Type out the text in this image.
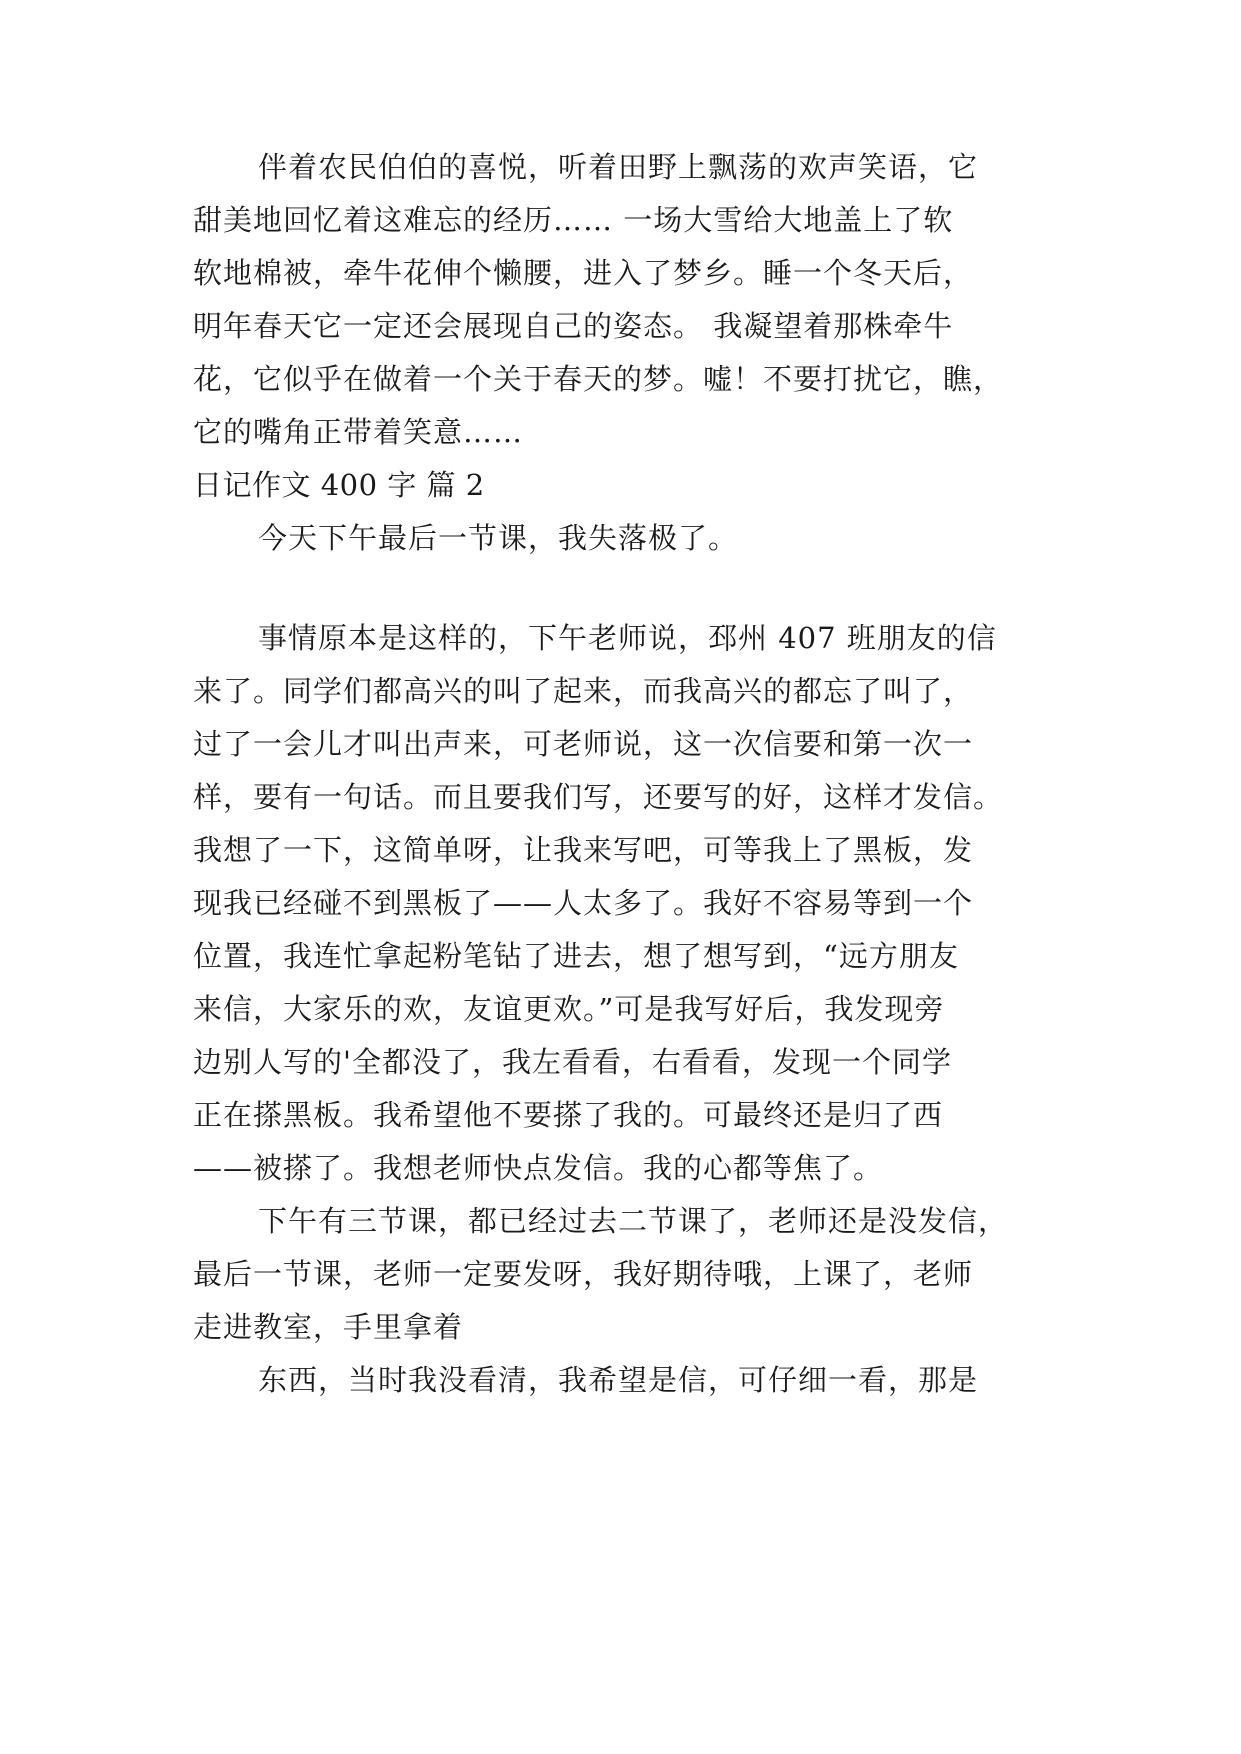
伴着农民伯伯的喜悦，听着田野上飘荡的欢声笑语，它
甜美地回忆着这难忘的经历…… 一场大雪给大地盖上了软
软地棉被，牵牛花伸个懒腰，进入了梦乡。睡一个冬天后，
明年春天它一定还会展现自己的姿态。 我凝望着那株牵牛
花，它似乎在做着一个关于春天的梦。嘘！不要打扰它，瞧，
它的嘴角正带着笑意……
日记作文 400 字 篇 2
今天下午最后一节课，我失落极了。
事情原本是这样的，下午老师说，邳州 407 班朋友的信
来了。同学们都高兴的叫了起来，而我高兴的都忘了叫了，
过了一会儿才叫出声来，可老师说，这一次信要和第一次一
样，要有一句话。而且要我们写，还要写的好，这样才发信。
我想了一下，这简单呀，让我来写吧，可等我上了黑板，发
现我已经碰不到黑板了——人太多了。我好不容易等到一个
位置，我连忙拿起粉笔钻了进去，想了想写到，“远方朋友
来信，大家乐的欢，友谊更欢。”可是我写好后，我发现旁
边别人写的'全都没了，我左看看，右看看，发现一个同学
正在搽黑板。我希望他不要搽了我的。可最终还是归了西
——被搽了。我想老师快点发信。我的心都等焦了。
下午有三节课，都已经过去二节课了，老师还是没发信，
最后一节课，老师一定要发呀，我好期待哦，上课了，老师
走进教室，手里拿着
东西，当时我没看清，我希望是信，可仔细一看，那是
